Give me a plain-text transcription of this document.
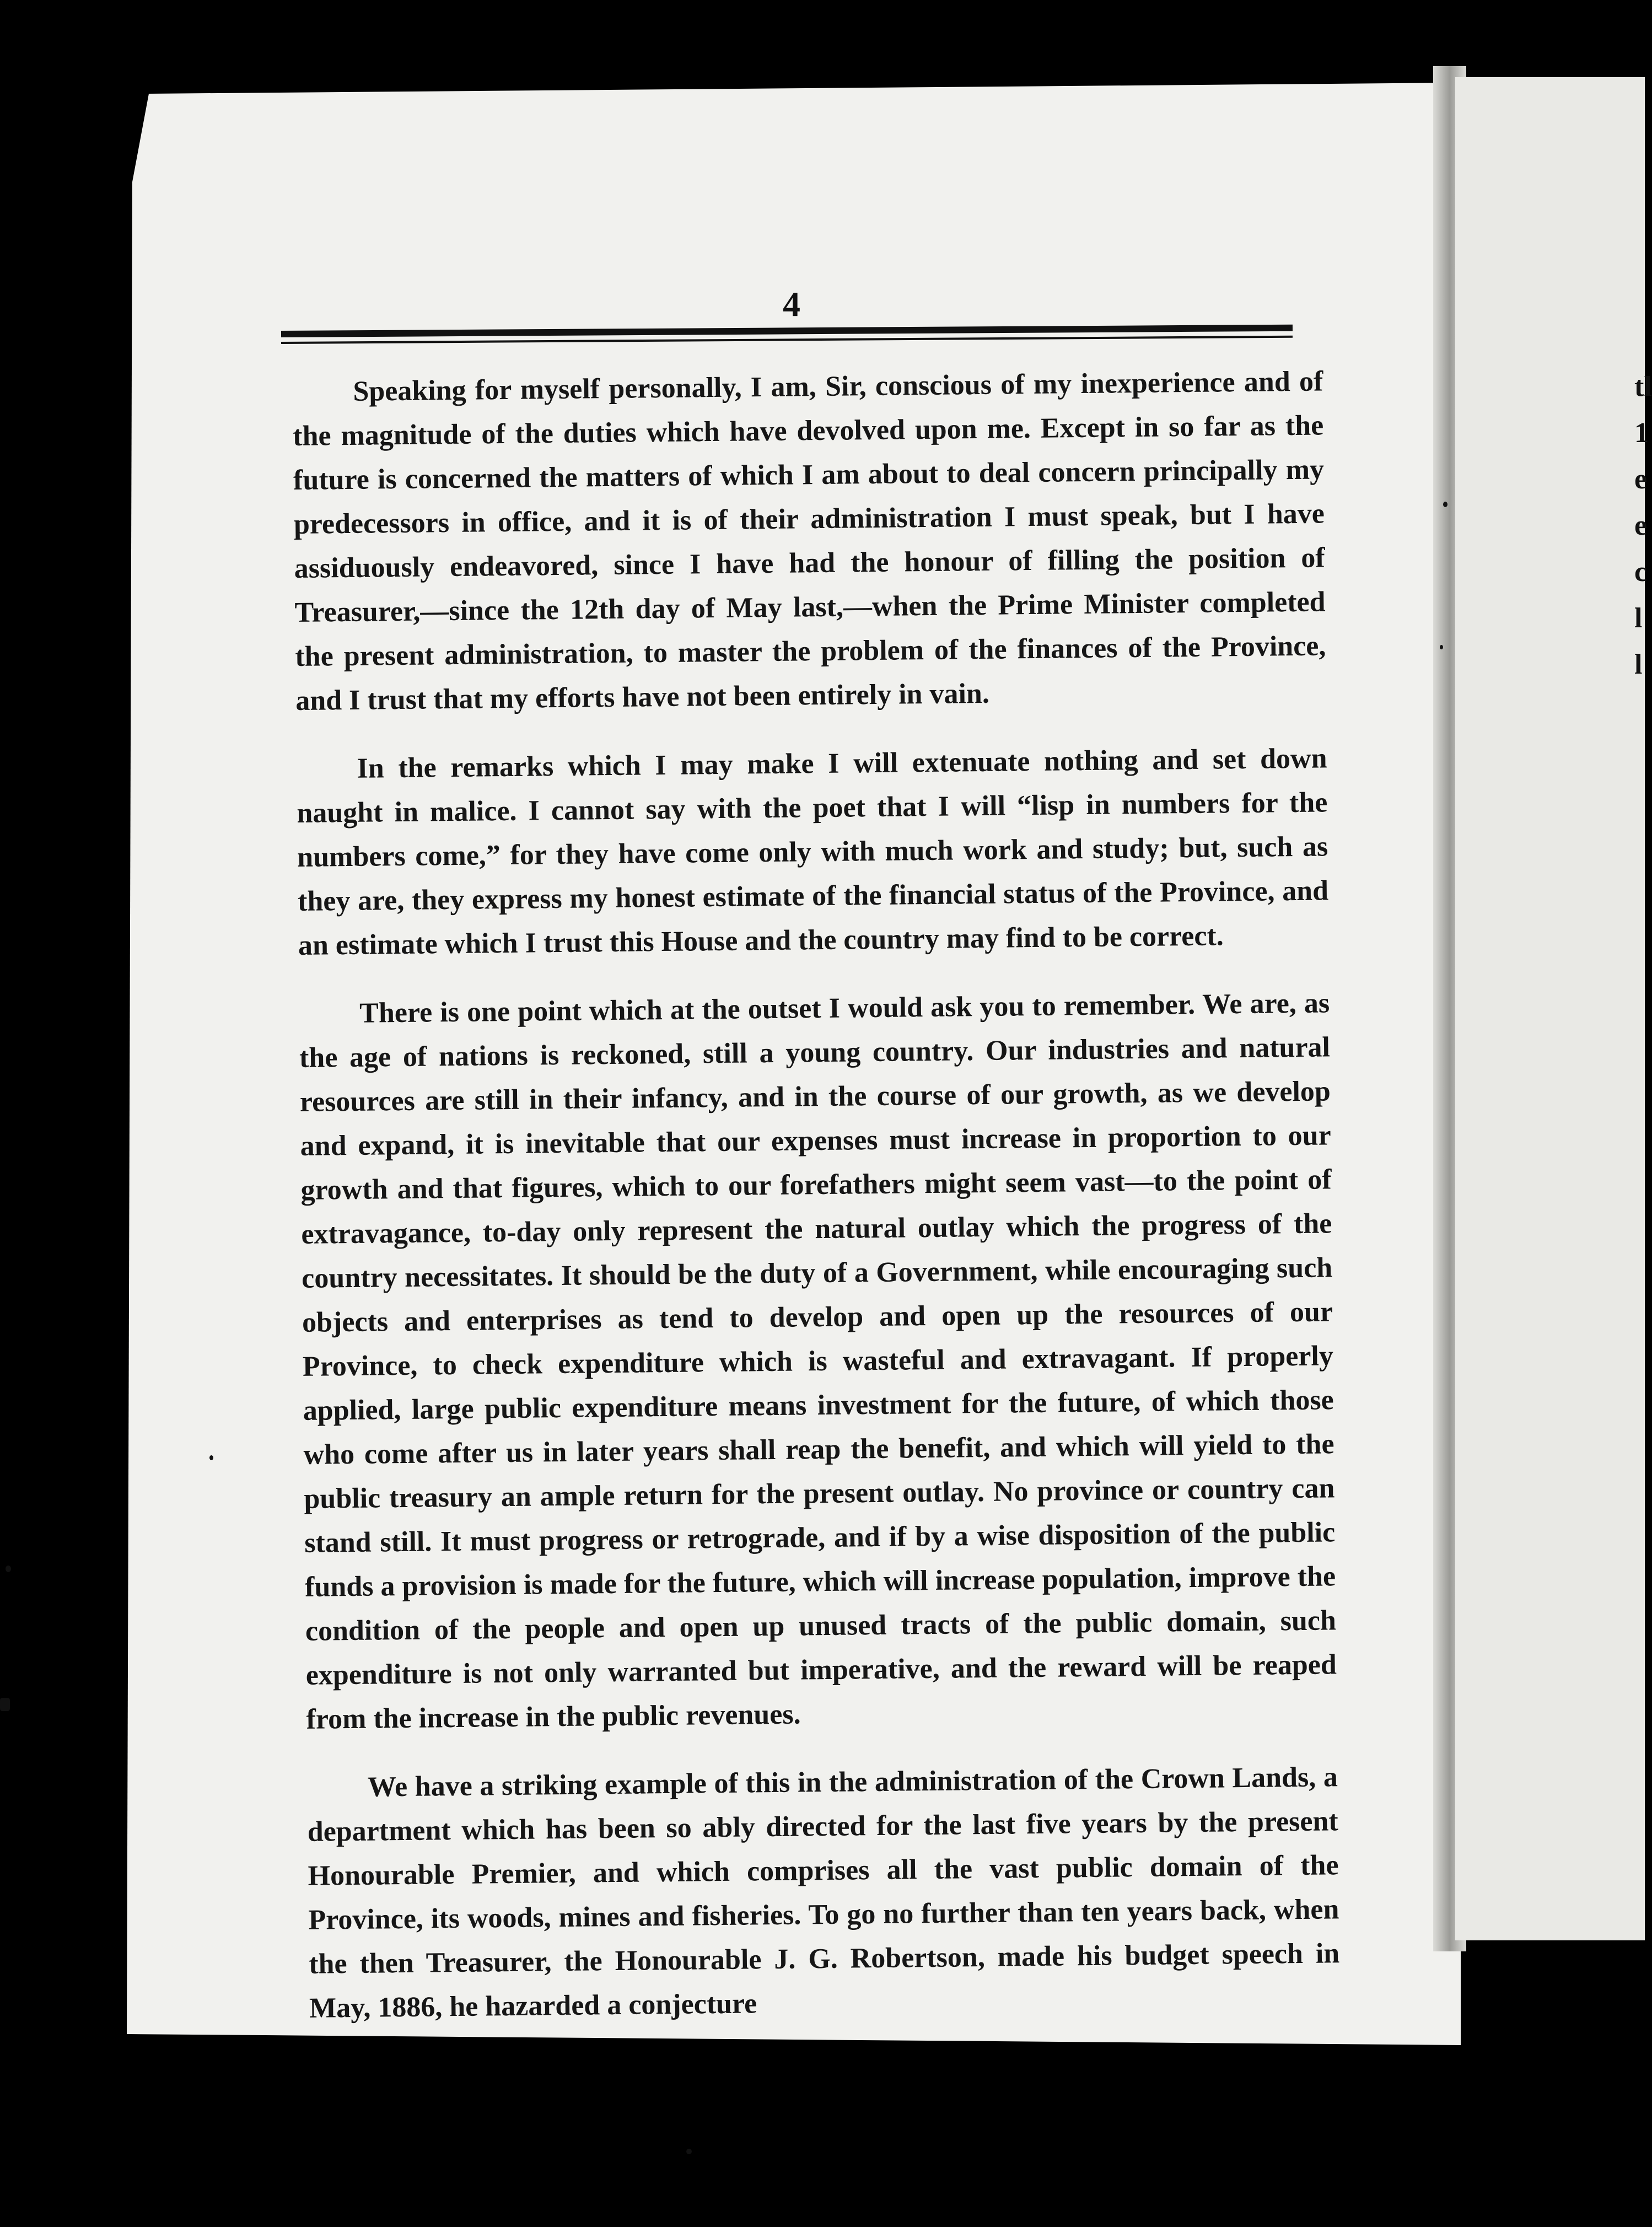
4

Speaking for myself personally, I am, Sir, conscious of my inexperience and of the magnitude of the duties which have devolved upon me. Except in so far as the future is concerned the matters of which I am about to deal concern principally my predecessors in office, and it is of their administration I must speak, but I have assiduously endeavored, since I have had the honour of filling the position of Treasurer,—since the 12th day of May last,—when the Prime Minister completed the present administration, to master the problem of the finances of the Province, and I trust that my efforts have not been entirely in vain.

In the remarks which I may make I will extenuate nothing and set down naught in malice. I cannot say with the poet that I will “lisp in numbers for the numbers come,” for they have come only with much work and study; but, such as they are, they express my honest estimate of the financial status of the Province, and an estimate which I trust this House and the country may find to be correct.

There is one point which at the outset I would ask you to remember. We are, as the age of nations is reckoned, still a young country. Our industries and natural resources are still in their infancy, and in the course of our growth, as we develop and expand, it is inevitable that our expenses must increase in proportion to our growth and that figures, which to our forefathers might seem vast—to the point of extravagance, to-day only represent the natural outlay which the progress of the country necessitates. It should be the duty of a Government, while encouraging such objects and enterprises as tend to develop and open up the resources of our Province, to check expenditure which is wasteful and extravagant. If properly applied, large public expenditure means investment for the future, of which those who come after us in later years shall reap the benefit, and which will yield to the public treasury an ample return for the present outlay. No province or country can stand still. It must progress or retrograde, and if by a wise disposition of the public funds a provision is made for the future, which will increase population, improve the condition of the people and open up unused tracts of the public domain, such expenditure is not only warranted but imperative, and the reward will be reaped from the increase in the public revenues.

We have a striking example of this in the administration of the Crown Lands, a department which has been so ably directed for the last five years by the present Honourable Premier, and which comprises all the vast public domain of the Province, its woods, mines and fisheries. To go no further than ten years back, when the then Treasurer, the Honourable J. G. Robertson, made his budget speech in May, 1886, he hazarded a conjecture

tl
1
e
e
c
l
l
